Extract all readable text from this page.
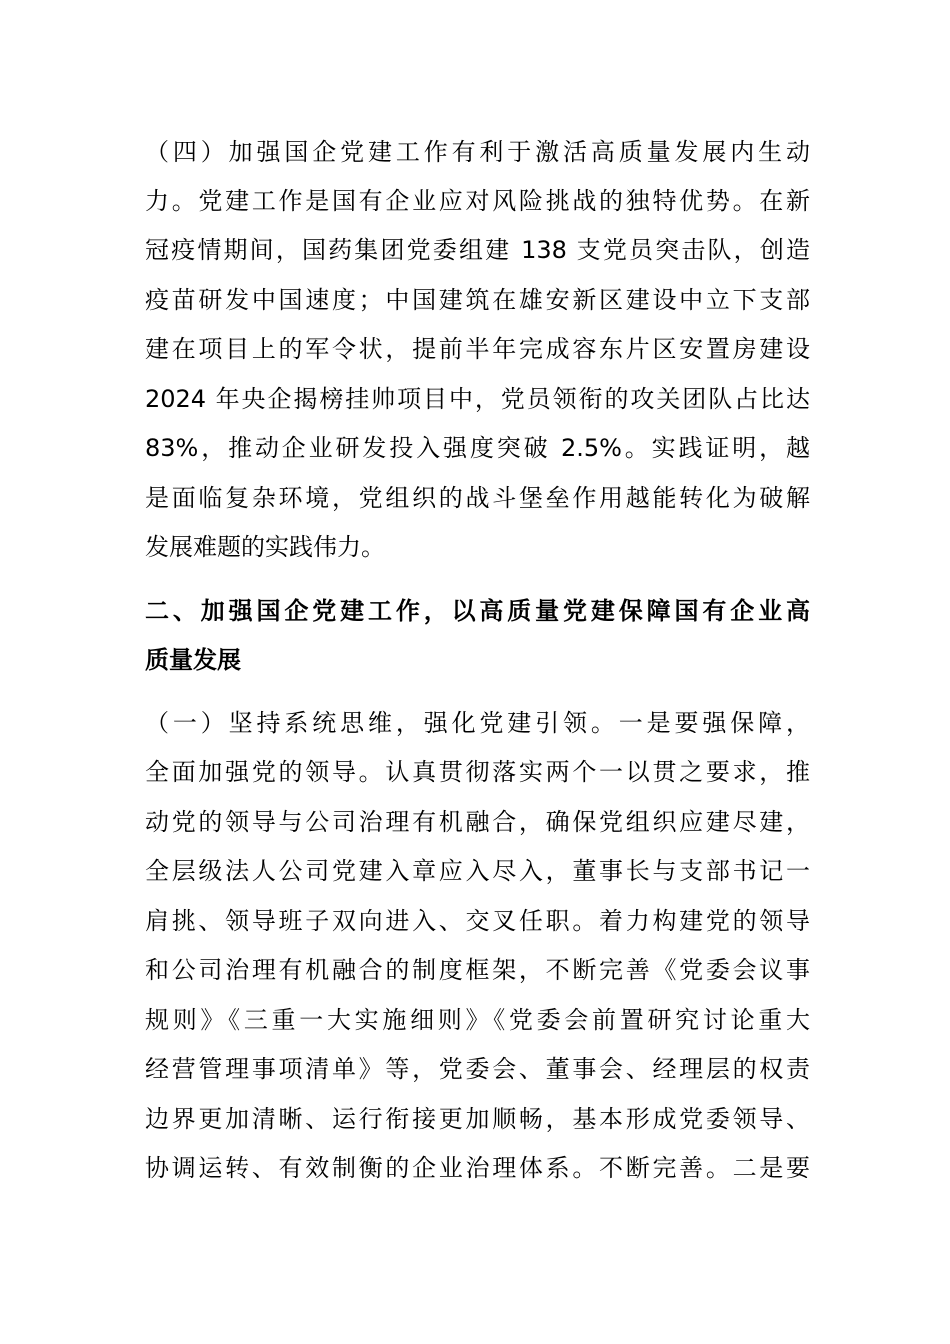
（四）加强国企党建工作有利于激活高质量发展内生动
力。党建工作是国有企业应对风险挑战的独特优势。在新
冠疫情期间，国药集团党委组建 138 支党员突击队，创造
疫苗研发中国速度；中国建筑在雄安新区建设中立下支部
建在项目上的军令状，提前半年完成容东片区安置房建设
2024 年央企揭榜挂帅项目中，党员领衔的攻关团队占比达
83%，推动企业研发投入强度突破 2.5%。实践证明，越
是面临复杂环境，党组织的战斗堡垒作用越能转化为破解
发展难题的实践伟力。
二、加强国企党建工作，以高质量党建保障国有企业高
质量发展
（一）坚持系统思维，强化党建引领。一是要强保障，
全面加强党的领导。认真贯彻落实两个一以贯之要求，推
动党的领导与公司治理有机融合，确保党组织应建尽建，
全层级法人公司党建入章应入尽入，董事长与支部书记一
肩挑、领导班子双向进入、交叉任职。着力构建党的领导
和公司治理有机融合的制度框架，不断完善《党委会议事
规则》《三重一大实施细则》《党委会前置研究讨论重大
经营管理事项清单》等，党委会、董事会、经理层的权责
边界更加清晰、运行衔接更加顺畅，基本形成党委领导、
协调运转、有效制衡的企业治理体系。不断完善。二是要
